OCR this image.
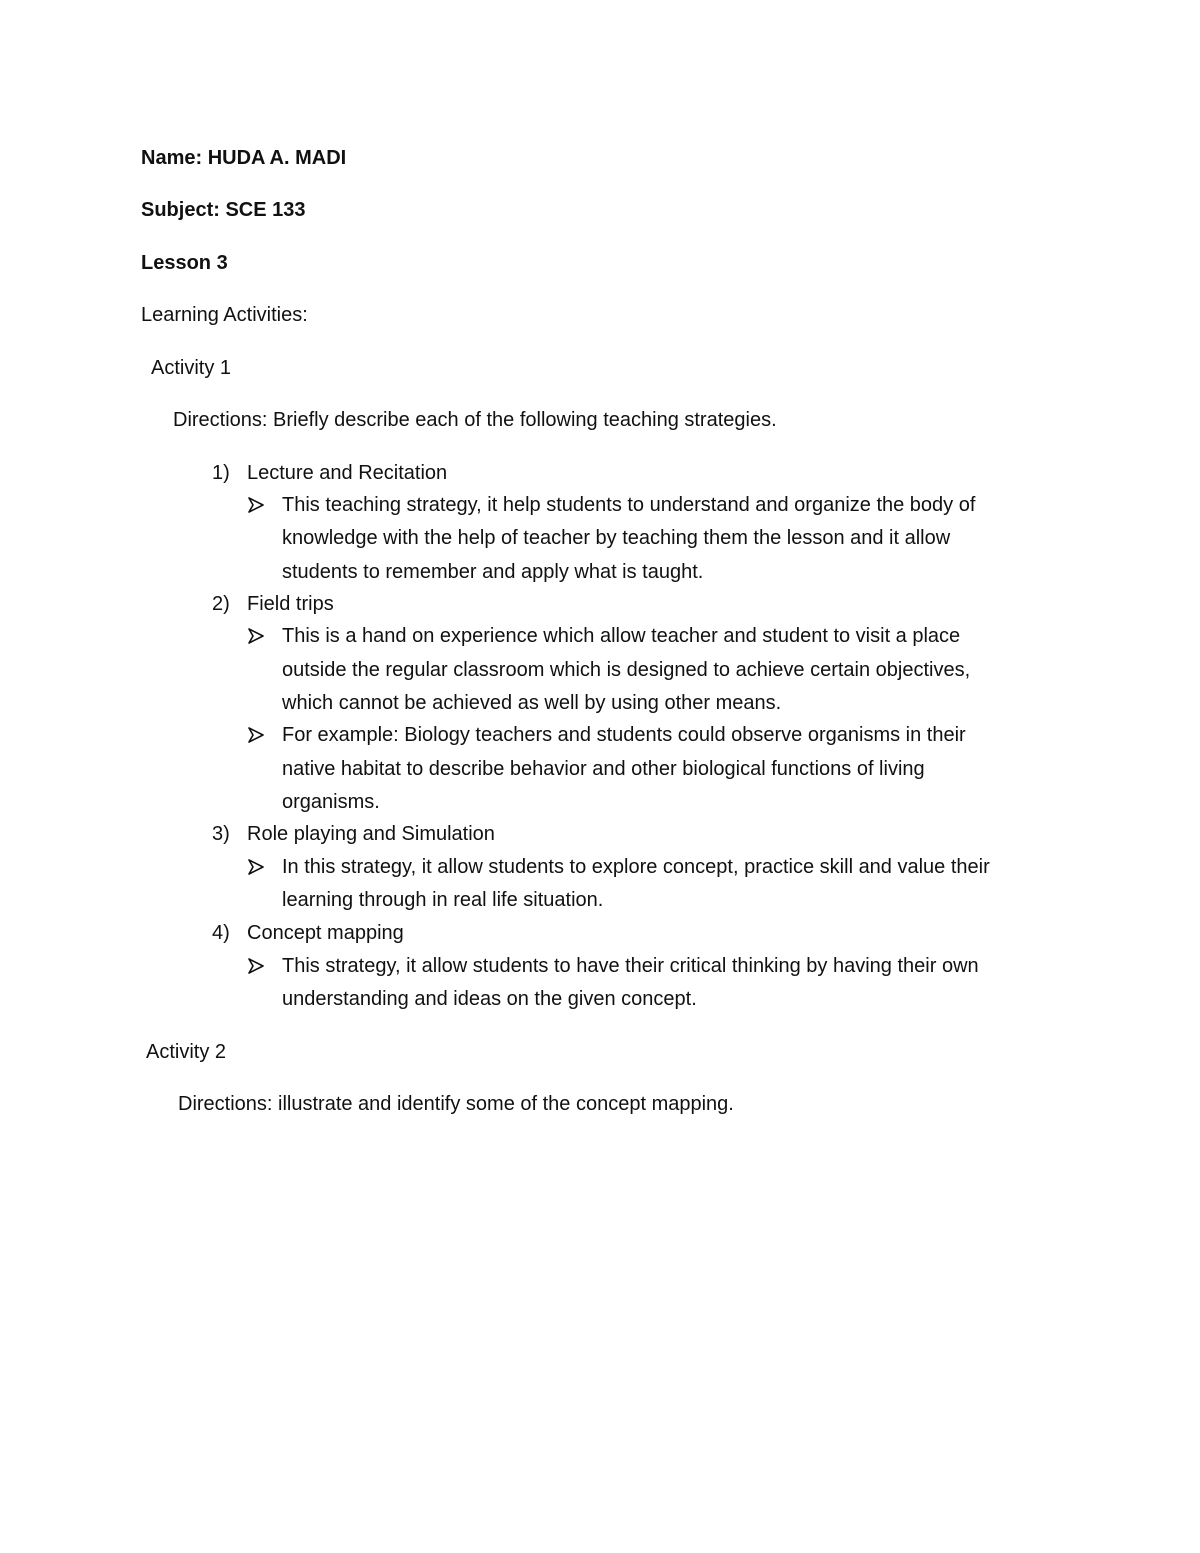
Name: HUDA A. MADI
Subject: SCE 133
Lesson 3
Learning Activities:
Activity 1
Directions: Briefly describe each of the following teaching strategies.
1) Lecture and Recitation
This teaching strategy, it help students to understand and organize the body of
knowledge with the help of teacher by teaching them the lesson and it allow
students to remember and apply what is taught.
2) Field trips
This is a hand on experience which allow teacher and student to visit a place
outside the regular classroom which is designed to achieve certain objectives,
which cannot be achieved as well by using other means.
For example: Biology teachers and students could observe organisms in their
native habitat to describe behavior and other biological functions of living
organisms.
3) Role playing and Simulation
In this strategy, it allow students to explore concept, practice skill and value their
learning through in real life situation.
4) Concept mapping
This strategy, it allow students to have their critical thinking by having their own
understanding and ideas on the given concept.
Activity 2
Directions: illustrate and identify some of the concept mapping.
